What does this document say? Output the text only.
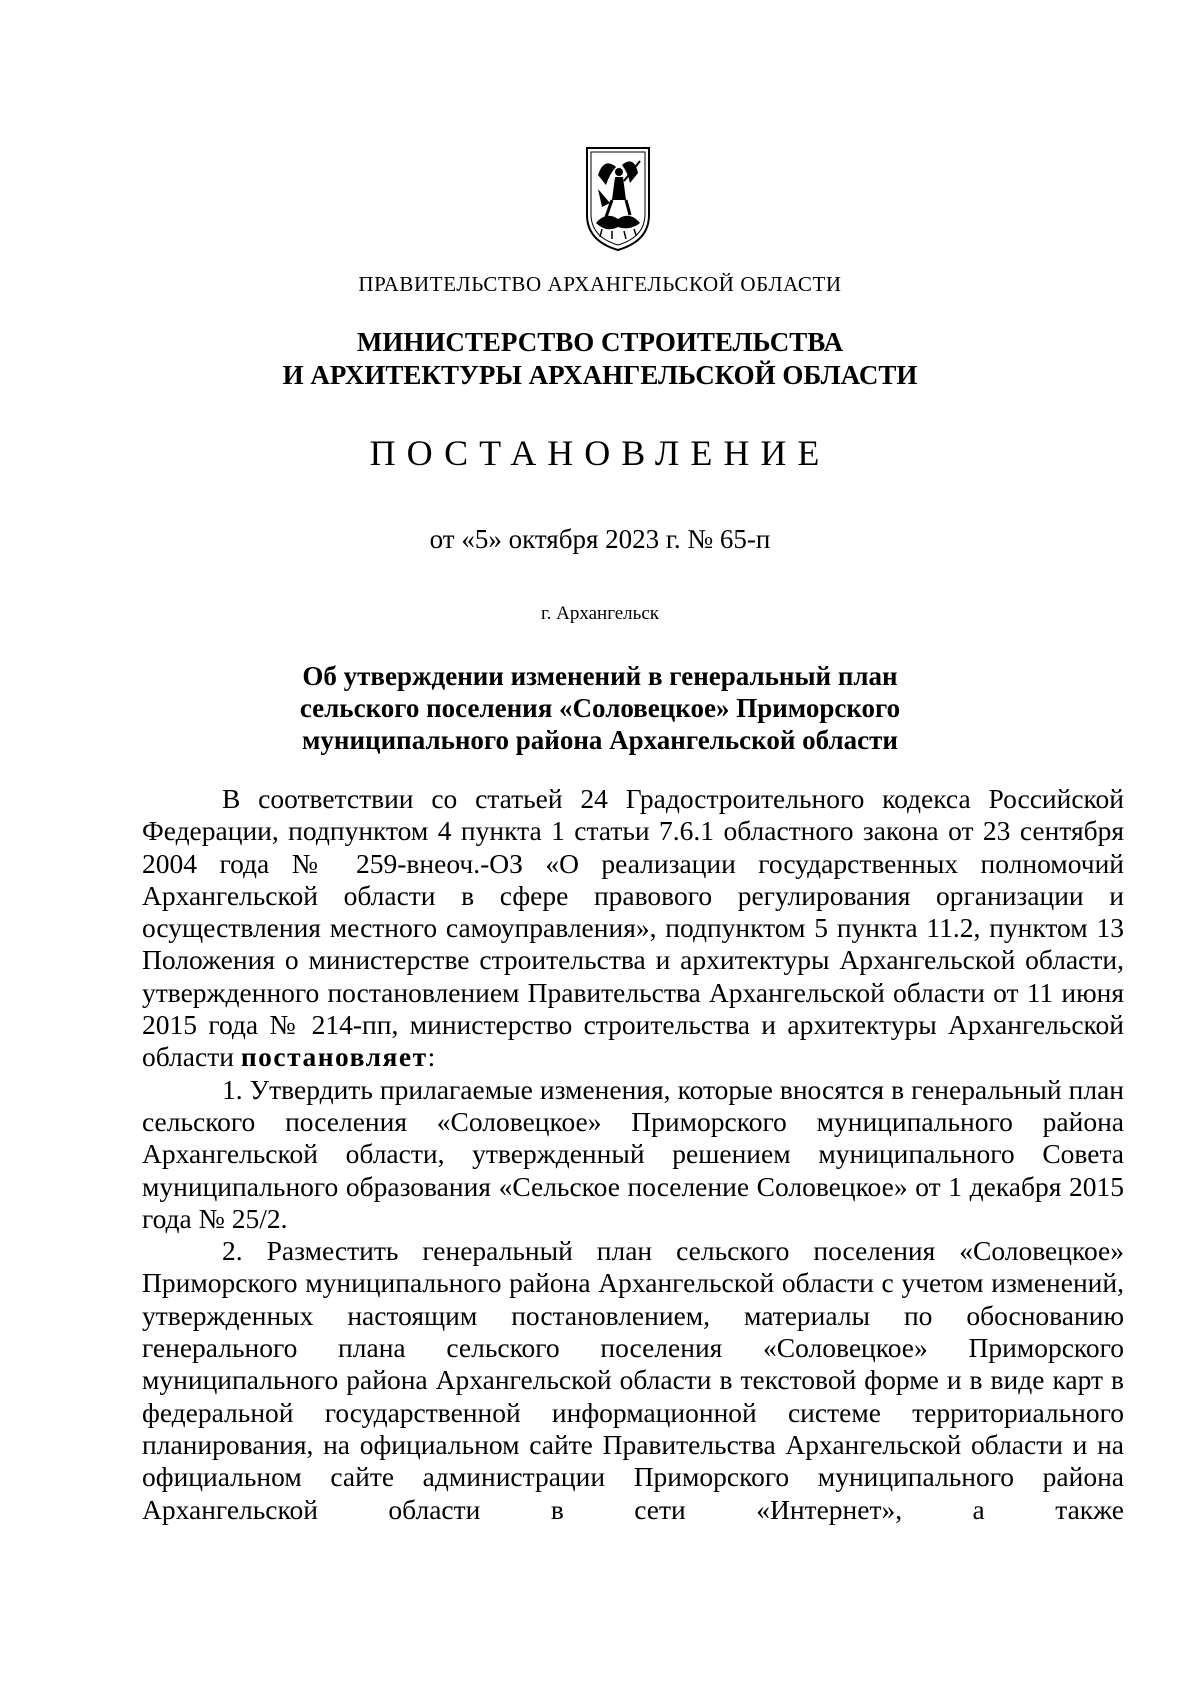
ПРАВИТЕЛЬСТВО АРХАНГЕЛЬСКОЙ ОБЛАСТИ
МИНИСТЕРСТВО СТРОИТЕЛЬСТВА
И АРХИТЕКТУРЫ АРХАНГЕЛЬСКОЙ ОБЛАСТИ
ПОСТАНОВЛЕНИЕ
от «5» октября 2023 г. № 65-п
г. Архангельск
Об утверждении изменений в генеральный план
сельского поселения «Соловецкое» Приморского
муниципального района Архангельской области

В соответствии со статьей 24 Градостроительного кодекса Российской Федерации, подпунктом 4 пункта 1 статьи 7.6.1 областного закона от 23 сентября 2004 года № 259-внеоч.-ОЗ «О реализации государственных полномочий Архангельской области в сфере правового регулирования организации и осуществления местного самоуправления», подпунктом 5 пункта 11.2, пунктом 13 Положения о министерстве строительства и архитектуры Архангельской области, утвержденного постановлением Правительства Архангельской области от 11 июня 2015 года № 214-пп, министерство строительства и архитектуры Архангельской области постановляет:

1. Утвердить прилагаемые изменения, которые вносятся в генеральный план сельского поселения «Соловецкое» Приморского муниципального района Архангельской области, утвержденный решением муниципального Совета муниципального образования «Сельское поселение Соловецкое» от 1 декабря 2015 года № 25/2.

2. Разместить генеральный план сельского поселения «Соловецкое» Приморского муниципального района Архангельской области с учетом изменений, утвержденных настоящим постановлением, материалы по обоснованию генерального плана сельского поселения «Соловецкое» Приморского муниципального района Архангельской области в текстовой форме и в виде карт в федеральной государственной информационной системе территориального планирования, на официальном сайте Правительства Архангельской области и на официальном сайте администрации Приморского муниципального района Архангельской области в сети «Интернет», а также
